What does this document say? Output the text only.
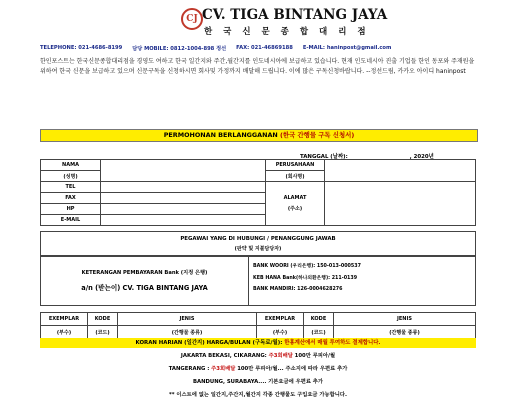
CJ CV. TIGA BINTANG JAYA
한 국 신 문 종 합 대 리 점
TELEPHONE: 021-4686-8199 담당 MOBILE: 0812-1004-898 정선 FAX: 021-46869188 E-MAIL: haninpost@gmail.com
한인포스트는 한국신문종합대리점을 경영도 여하고 한국 일간지와 주간,월간지를 인도네시아에 보급하고 있습니다. 현재 인도네시아 진출 기업들 한인 동포와 주재원을 위하여 한국 신문을 보급하고 있으며 신문구독을 신청하시면 회사및 가정까지 배달해 드립니다. 이에 많은 구독신청바랍니다. --정선드림, 카카오 아이디 haninpost
PERMOHONAN BERLANGGANAN (한국 간행물 구독 신청서)
TANGGAL (날짜):	, 2020년
NAMA		PERUSAHAAN	
(성명)		(회사명)	
TEL		ALAMAT
(주소)	

FAX			
HP			
E-MAIL			
PEGAWAI YANG DI HUBUNGI / PENANGGUNG JAWAB
(판약 및 지불담당자)
KETERANGAN PEMBAYARAN Bank (지정 은행)
a/n (받는이) CV. TIGA BINTANG JAYA
BANK WOORI (우리은행): 150-013-000537
KEB HANA Bank(하나외환은행): 211-0139
BANK MANDIRI: 126-0004628276
EXEMPLAR	KODE	JENIS	EXEMPLAR	KODE	JENIS
(부수)	(코드)	(간행물 종류)	(부수)	(코드)	(간행물 종류)
KORAN HARIAN (일간지) HARGA/BULAN (구독료/월): 한홍계산에서 매월 투여하도 결제합니다.
JAKARTA BEKASI, CIKARANG: 주3회배달 100만 루피아/월
TANGERANG : 주3회배달 100만 루피아/월... 주소지에 따라 우편료 추가
BANDUNG, SURABAYA.... 기본요금에 우편료 추가
** 이스트에 없는 일간지,주간지,월간지 각종 간행물도 구입요금 가능합니다.
